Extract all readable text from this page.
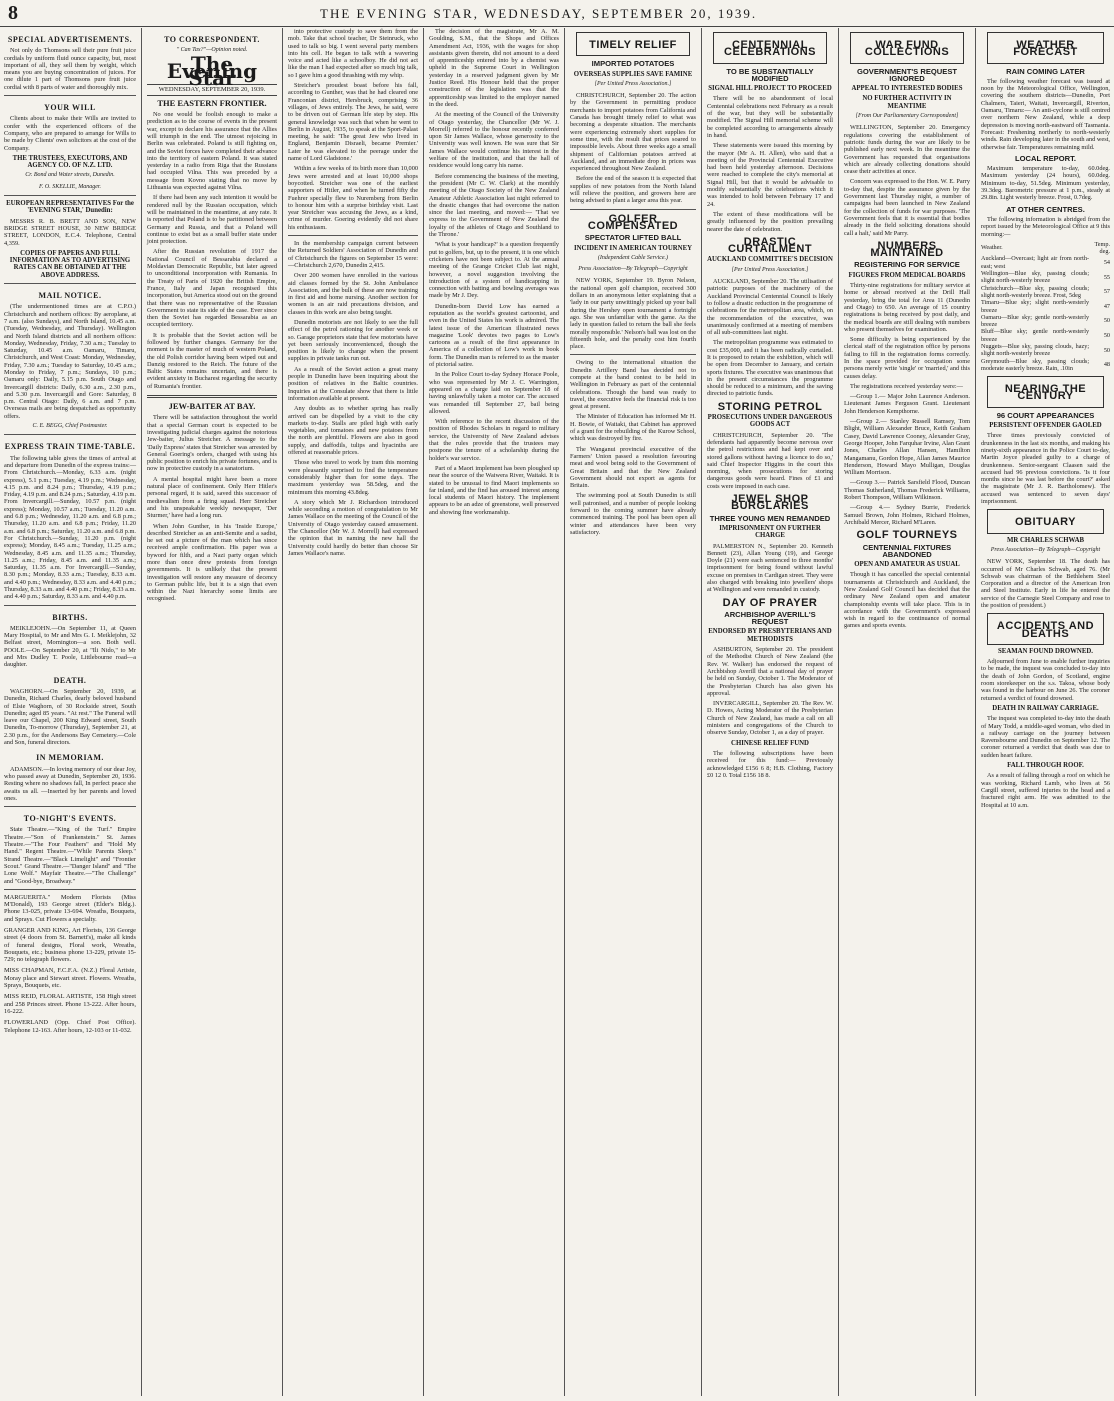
8	THE EVENING STAR, WEDNESDAY, SEPTEMBER 20, 1939.
SPECIAL ADVERTISEMENTS.

Not only do Thomsons sell their pure fruit juice cordials by uniform fluid ounce capacity, but, most important of all, they sell them by weight, which means you are buying concentration of juices. For one dilute 1 part of Thomsons pure fruit juice cordial with 8 parts of water and thoroughly mix.

YOUR WILL

Clients about to make their Wills are invited to confer with the experienced officers of the Company, who are prepared to arrange for Wills to be made by Clients' own solicitors at the cost of the Company.

THE TRUSTEES, EXECUTORS, AND AGENCY CO. OF N.Z. LTD.
Cr. Bond and Water streets, Dunedin.
F. O. SKELLIE, Manager.
EUROPEAN REPRESENTATIVES For the 'EVENING STAR,' Dunedin:

MESSRS R. B. BRETT AND SON, NEW BRIDGE STREET HOUSE, 30 NEW BRIDGE STREET, LONDON, E.C.4. Telephone, Central 4,359.

COPIES OF PAPERS AND FULL INFORMATION AS TO ADVERTISING RATES CAN BE OBTAINED AT THE ABOVE ADDRESS.
MAIL NOTICE.

(The undermentioned times are at C.P.O.) Christchurch and northern offices: By aeroplane, at 7 a.m. (also Sundays), and North Island, 10.45 a.m. (Tuesday, Wednesday, and Thursday). Wellington and North Island districts and all northern offices: Monday, Wednesday, Friday, 7.30 a.m.; Tuesday to Saturday, 10.45 a.m. Oamaru, Timaru, Christchurch, and West Coast: Monday, Wednesday, Friday, 7.30 a.m.; Tuesday to Saturday, 10.45 a.m.; Monday to Friday, 7 p.m.; Sundays, 10 p.m.; Oamaru only: Daily, 5.15 p.m. South Otago and Invercargill districts: Daily, 6.30 a.m., 2.30 p.m., and 5.30 p.m. Invercargill and Gore: Saturday, 8 p.m. Central Otago: Daily, 6 a.m. and 7 p.m. Overseas mails are being despatched as opportunity offers.

C. E. BEGG, Chief Postmaster.
EXPRESS TRAIN TIME-TABLE.

The following table gives the times of arrival at and departure from Dunedin of the express trains:— From Christchurch.—Monday, 6.33 a.m. (night express), 5.1 p.m.; Tuesday, 4.19 p.m.; Wednesday, 4.15 p.m. and 8.24 p.m.; Thursday, 4.19 p.m.; Friday, 4.19 p.m. and 8.24 p.m.; Saturday, 4.19 p.m. From Invercargill.—Sunday, 10.57 p.m. (night express); Monday, 10.57 a.m.; Tuesday, 11.20 a.m. and 6.8 p.m.; Wednesday, 11.20 a.m. and 6.8 p.m.; Thursday, 11.20 a.m. and 6.8 p.m.; Friday, 11.20 a.m. and 6.8 p.m.; Saturday, 11.20 a.m. and 6.8 p.m. For Christchurch.—Sunday, 11.20 p.m. (night express); Monday, 8.45 a.m.; Tuesday, 11.25 a.m.; Wednesday, 8.45 a.m. and 11.35 a.m.; Thursday, 11.25 a.m.; Friday, 8.45 a.m. and 11.35 a.m.; Saturday, 11.35 a.m. For Invercargill.—Sunday, 8.30 p.m.; Monday, 8.33 a.m.; Tuesday, 8.33 a.m. and 4.40 p.m.; Wednesday, 8.33 a.m. and 4.40 p.m.; Thursday, 8.33 a.m. and 4.40 p.m.; Friday, 8.33 a.m. and 4.40 p.m.; Saturday, 8.33 a.m. and 4.40 p.m.

BIRTHS.

MEIKLEJOHN.—On September 11, at Queen Mary Hospital, to Mr and Mrs G. I. Meiklejohn, 32 Belfast street, Mornington—a son. Both well. POOLE.—On September 20, at "Ili Nido," to Mr and Mrs Dudley T. Poole, Littlebourne road—a daughter.

DEATH.

WAGHORN.—On September 20, 1939, at Dunedin, Richard Charles, dearly beloved husband of Elsie Waghorn, of 30 Rockside street, South Dunedin; aged 85 years. "At rest." The Funeral will leave our Chapel, 200 King Edward street, South Dunedin, To-morrow (Thursday), September 21, at 2.30 p.m., for the Andersons Bay Cemetery.—Cole and Son, funeral directors.

IN MEMORIAM.

ADAMSON.—In loving memory of our dear Joy, who passed away at Dunedin, September 20, 1936. Resting where no shadows fall, In perfect peace she awaits us all. —Inserted by her parents and loved ones.

TO-NIGHT'S EVENTS.

State Theatre.—"King of the Turf." Empire Theatre.—"Son of Frankenstein." St. James Theatre.—"The Four Feathers" and "Hold My Hand." Regent Theatre.—"While Parents Sleep." Strand Theatre.—"Black Limelight" and "Frontier Scout." Grand Theatre.—"Danger Island" and "The Lone Wolf." Mayfair Theatre.—"The Challenge" and "Good-bye, Broadway."

MARGUERITA." Modern Florists (Miss M'Donald), 193 George street (Elder's Bldg.). Phone 13-025, private 13-694. Wreaths, Bouquets, and Sprays. Cut Flowers a specialty.
GRANGER AND KING, Art Florists, 136 George street (4 doors from St. Barnett's), make all kinds of funeral designs, Floral work, Wreaths, Bouquets, etc.; business phone 13-229, private 15-729; no telegraph flowers.
MISS CHAPMAN, F.C.F.A. (N.Z.) Floral Artiste, Moray place and Stewart street. Flowers. Wreaths, Sprays, Bouquets, etc.
MISS REID, FLORAL ARTISTE, 158 High street and 258 Princes street. Phone 13-222. After hours, 16-222.
FLOWERLAND (Opp. Chief Post Office). Telephone 12-163. After hours, 12-103 or 11-032.
TO CORRESPONDENT.
" Can Tax?"—Opinion noted.
The Evening Star
WEDNESDAY, SEPTEMBER 20, 1939.
THE EASTERN FRONTIER.

No one would be foolish enough to make a prediction as to the course of events in the present war, except to declare his assurance that the Allies will triumph in the end. The utmost rejoicing in Berlin was celebrated. Poland is still fighting on, and the Soviet forces have completed their advance into the territory of eastern Poland. It was stated yesterday in a radio from Riga that the Russians had occupied Vilna. This was preceded by a message from Kovno stating that no move by Lithuania was expected against Vilna.

If there had been any such intention it would be rendered null by the Russian occupation, which will be maintained in the meantime, at any rate. It is reported that Poland is to be partitioned between Germany and Russia, and that a Poland will continue to exist but as a small buffer state under joint protection.

After the Russian revolution of 1917 the National Council of Bessarabia declared a Moldavian Democratic Republic, but later agreed to unconditional incorporation with Rumania. In the Treaty of Paris of 1920 the British Empire, France, Italy and Japan recognised this incorporation, but America stood out on the ground that there was no representative of the Russian Government to state its side of the case. Ever since then the Soviet has regarded Bessarabia as an occupied territory.

It is probable that the Soviet action will be followed by further changes. Germany for the moment is the master of much of western Poland, the old Polish corridor having been wiped out and Danzig restored to the Reich. The future of the Baltic States remains uncertain, and there is evident anxiety in Bucharest regarding the security of Rumania's frontier.

JEW-BAITER AT BAY.

There will be satisfaction throughout the world that a special German court is expected to be investigating judicial charges against the notorious Jew-baiter, Julius Streicher. A message to the 'Daily Express' states that Streicher was arrested by General Goering's orders, charged with using his public position to enrich his private fortunes, and is now in protective custody in a sanatorium.

A mental hospital might have been a more natural place of confinement. Only Herr Hitler's personal regard, it is said, saved this successor of medievalism from a firing squad. Herr Streicher and his unspeakable weekly newspaper, 'Der Sturmer,' have had a long run.

When John Gunther, in his 'Inside Europe,' described Streicher as an anti-Semite and a sadist, he set out a picture of the man which has since received ample confirmation. His paper was a byword for filth, and a Nazi party organ which more than once drew protests from foreign governments. It is unlikely that the present investigation will restore any measure of decency to German public life, but it is a sign that even within the Nazi hierarchy some limits are recognised.

into protective custody to save them from the mob. Take that school teacher, Dr Steinruck, who used to talk so big. I went several party members into his cell. He began to talk with a wavering voice and acted like a schoolboy. He did not act like the man I had expected after so much big talk, so I gave him a good thrashing with my whip.

Streicher's proudest boast before his fall, according to Gunther, was that he had cleared one Franconian district, Hersbruck, comprising 36 villages, of Jews entirely. The Jews, he said, were to be driven out of German life step by step. His general knowledge was such that when he went to Berlin in August, 1935, to speak at the Sport-Palast meeting, he said: 'The great Jew who lived in England, Benjamin Disraeli, became Premier.' Later he was elevated to the peerage under the name of Lord Gladstone.'

Within a few weeks of its birth more than 10,000 Jews were arrested and at least 10,000 shops boycotted. Streicher was one of the earliest supporters of Hitler, and when he turned fifty the Fuehrer specially flew to Nuremberg from Berlin to honour him with a surprise birthday visit. Last year Streicher was accusing the Jews, as a kind, crime of murder. Goering evidently did not share his enthusiasm.

In the membership campaign current between the Returned Soldiers' Association of Dunedin and of Christchurch the figures on September 15 were:—Christchurch 2,670, Dunedin 2,415.

Over 200 women have enrolled in the various aid classes formed by the St. John Ambulance Association, and the bulk of these are now training in first aid and home nursing. Another section for women is an air raid precautions division, and classes in this work are also being taught.

Dunedin motorists are not likely to see the full effect of the petrol rationing for another week or so. Garage proprietors state that few motorists have yet been seriously inconvenienced, though the position is likely to change when the present supplies in private tanks run out.

As a result of the Soviet action a great many people in Dunedin have been inquiring about the position of relatives in the Baltic countries. Inquiries at the Consulate show that there is little information available at present.

Any doubts as to whether spring has really arrived can be dispelled by a visit to the city markets to-day. Stalls are piled high with early vegetables, and tomatoes and new potatoes from the north are plentiful. Flowers are also in good supply, and daffodils, tulips and hyacinths are offered at reasonable prices.

Those who travel to work by tram this morning were pleasantly surprised to find the temperature considerably higher than for some days. The maximum yesterday was 58.5deg, and the minimum this morning 43.8deg.

A story which Mr J. Richardson introduced while seconding a motion of congratulation to Mr James Wallace on the meeting of the Council of the University of Otago yesterday caused amusement. The Chancellor (Mr W. J. Morrell) had expressed the opinion that in naming the new hall the University could hardly do better than choose Sir James Wallace's name.

The decision of the magistrate, Mr A. M. Goulding, S.M., that the Shops and Offices Amendment Act, 1936, with the wages for shop assistants given therein, did not amount to a deed of apprenticeship entered into by a chemist was upheld in the Supreme Court in Wellington yesterday in a reserved judgment given by Mr Justice Reed. His Honour held that the proper construction of the legislation was that the apprenticeship was limited to the employer named in the deed.

At the meeting of the Council of the University of Otago yesterday, the Chancellor (Mr W. J. Morrell) referred to the honour recently conferred upon Sir James Wallace, whose generosity to the University was well known. He was sure that Sir James Wallace would continue his interest in the welfare of the institution, and that the hall of residence would long carry his name.

Before commencing the business of the meeting, the president (Mr C. W. Clark) at the monthly meeting of the Otago Society of the New Zealand Amateur Athletic Association last night referred to the drastic changes that had overcome the nation since the last meeting, and moved:— 'That we express to the Government of New Zealand the loyalty of the athletes of Otago and Southland to the Throne.'

'What is your handicap?' is a question frequently put to golfers, but, up to the present, it is one which cricketers have not been subject to. At the annual meeting of the Grange Cricket Club last night, however, a novel suggestion involving the introduction of a system of handicapping in connection with batting and bowling averages was made by Mr J. Dey.

Dunedin-born David Low has earned a reputation as the world's greatest cartoonist, and even in the United States his work is admired. The latest issue of the American illustrated news magazine 'Look' devotes two pages to Low's cartoons as a result of the first appearance in America of a collection of Low's work in book form. The Dunedin man is referred to as the master of pictorial satire.

In the Police Court to-day Sydney Horace Poole, who was represented by Mr J. C. Warrington, appeared on a charge laid on September 18 of having unlawfully taken a motor car. The accused was remanded till September 27, bail being allowed.

With reference to the recent discussion of the position of Rhodes Scholars in regard to military service, the University of New Zealand advises that the rules provide that the trustees may postpone the tenure of a scholarship during the holder's war service.

Part of a Maori implement has been ploughed up near the source of the Waiwera River, Waitaki. It is stated to be unusual to find Maori implements so far inland, and the find has aroused interest among local students of Maori history. The implement appears to be an adze of greenstone, well preserved and showing fine workmanship.

TIMELY RELIEF
IMPORTED POTATOES
OVERSEAS SUPPLIES SAVE FAMINE
[Per United Press Association.]

CHRISTCHURCH, September 20. The action by the Government in permitting produce merchants to import potatoes from California and Canada has brought timely relief to what was becoming a desperate situation. The merchants were experiencing extremely short supplies for some time, with the result that prices soared to impossible levels. About three weeks ago a small shipment of Californian potatoes arrived at Auckland, and an immediate drop in prices was experienced throughout New Zealand.

Before the end of the season it is expected that supplies of new potatoes from the North Island will relieve the position, and growers here are being advised to plant a larger area this year.

GOLFER COMPENSATED
SPECTATOR LIFTED BALL
INCIDENT IN AMERICAN TOURNEY
(Independent Cable Service.)
Press Association—By Telegraph—Copyright

NEW YORK, September 19. Byron Nelson, the national open golf champion, received 300 dollars in an anonymous letter explaining that a 'lady in our party unwittingly picked up your ball during the Hershey open tournament a fortnight ago. She was unfamiliar with the game. As the lady in question failed to return the ball she feels morally responsible.' Nelson's ball was lost on the fifteenth hole, and the penalty cost him fourth place.

Owing to the international situation the Dunedin Artillery Band has decided not to compete at the band contest to be held in Wellington in February as part of the centennial celebrations. Though the band was ready to travel, the executive feels the financial risk is too great at present.

The Minister of Education has informed Mr H. H. Bowie, of Waitaki, that Cabinet has approved of a grant for the rebuilding of the Kurow School, which was destroyed by fire.

The Wanganui provincial executive of the Farmers' Union passed a resolution favouring meat and wool being sold to the Government of Great Britain and that the New Zealand Government should not export as agents for Britain.

The swimming pool at South Dunedin is still well patronised, and a number of people looking forward to the coming summer have already commenced training. The pool has been open all winter and attendances have been very satisfactory.

CENTENNIAL CELEBRATIONS
TO BE SUBSTANTIALLY MODIFIED
SIGNAL HILL PROJECT TO PROCEED

There will be no abandonment of local Centennial celebrations next February as a result of the war, but they will be substantially modified. The Signal Hill memorial scheme will be completed according to arrangements already in hand.

These statements were issued this morning by the mayor (Mr A. H. Allen), who said that a meeting of the Provincial Centennial Executive had been held yesterday afternoon. Decisions were reached to complete the city's memorial at Signal Hill, but that it would be advisable to modify substantially the celebrations which it was intended to hold between February 17 and 24.

The extent of these modifications will be greatly influenced by the position prevailing nearer the date of celebration.

DRASTIC CURTAILMENT
AUCKLAND COMMITTEE'S DECISION
[Per United Press Association.]

AUCKLAND, September 20. The utilisation of patriotic purposes of the machinery of the Auckland Provincial Centennial Council is likely to follow a drastic reduction in the programme of celebrations for the metropolitan area, which, on the recommendation of the executive, was unanimously confirmed at a meeting of members of all sub-committees last night.

The metropolitan programme was estimated to cost £35,000, and it has been radically curtailed. It is proposed to retain the exhibition, which will be open from December to January, and certain sports fixtures. The executive was unanimous that in the present circumstances the programme should be reduced to a minimum, and the saving directed to patriotic funds.

STORING PETROL
PROSECUTIONS UNDER DANGEROUS GOODS ACT

CHRISTCHURCH, September 20. 'The defendants had apparently become nervous over the petrol restrictions and had kept over and stored gallons without having a licence to do so,' said Chief Inspector Higgins in the court this morning, when prosecutions for storing dangerous goods were heard. Fines of £1 and costs were imposed in each case.

JEWEL SHOP BURGLARIES
THREE YOUNG MEN REMANDED
IMPRISONMENT ON FURTHER CHARGE

PALMERSTON N., September 20. Kenneth Bennett (23), Allan Young (19), and George Doyle (21) were each sentenced to three months' imprisonment for being found without lawful excuse on premises in Cardigan street. They were also charged with breaking into jewellers' shops at Wellington and were remanded in custody.

DAY OF PRAYER
ARCHBISHOP AVERILL'S REQUEST
ENDORSED BY PRESBYTERIANS AND METHODISTS

ASHBURTON, September 20. The president of the Methodist Church of New Zealand (the Rev. W. Walker) has endorsed the request of Archbishop Averill that a national day of prayer be held on Sunday, October 1. The Moderator of the Presbyterian Church has also given his approval.

INVERCARGILL, September 20. The Rev. W. D. Howes, Acting Moderator of the Presbyterian Church of New Zealand, has made a call on all ministers and congregations of the Church to observe Sunday, October 1, as a day of prayer.

CHINESE RELIEF FUND

The following subscriptions have been received for this fund:— Previously acknowledged £156 6 8; H.B. Clothing, Factory £0 12 0. Total £156 18 8.

WAR FUND COLLECTIONS
GOVERNMENT'S REQUEST IGNORED
APPEAL TO INTERESTED BODIES
NO FURTHER ACTIVITY IN MEANTIME
[From Our Parliamentary Correspondent]

WELLINGTON, September 20. Emergency regulations covering the establishment of patriotic funds during the war are likely to be published early next week. In the meantime the Government has requested that organisations which are already collecting donations should cease their activities at once.

Concern was expressed to the Hon. W. E. Parry to-day that, despite the assurance given by the Government last Thursday night, a number of campaigns had been launched in New Zealand for the collection of funds for war purposes. 'The Government feels that it is essential that bodies already in the field soliciting donations should call a halt,' said Mr Parry.

NUMBERS MAINTAINED
REGISTERING FOR SERVICE
FIGURES FROM MEDICAL BOARDS

Thirty-nine registrations for military service at home or abroad received at the Drill Hall yesterday, bring the total for Area 11 (Dunedin and Otago) to 650. An average of 15 country registrations is being received by post daily, and the medical boards are still dealing with numbers who present themselves for examination.

Some difficulty is being experienced by the clerical staff of the registration office by persons failing to fill in the registration forms correctly. In the space provided for occupation some persons merely write 'single' or 'married,' and this causes delay.

The registrations received yesterday were:—

—Group 1.— Major John Laurence Anderson. Lieutenant James Ferguson Grant. Lieutenant John Henderson Kempthorne.

—Group 2.— Stanley Russell Ramsey, Tom Blight, William Alexander Bruce, Keith Graham Casey, David Lawrence Cooney, Alexander Gray, George Hooper, John Farquhar Irvine, Alan Grant Jones, Charles Allan Hansen, Hamilton Mangamanu, Gordon Hope, Allan James Maurice Henderson, Howard Mayo Mulligan, Douglas William Morrison.

—Group 3.— Patrick Sarsfield Flood, Duncan Thomas Sutherland, Thomas Frederick Williams, Robert Thompson, William Wilkinson.

—Group 4.— Sydney Burrie, Frederick Samuel Brown, John Holmes, Richard Holmes, Archibald Mercer, Richard M'Laren.

GOLF TOURNEYS
CENTENNIAL FIXTURES ABANDONED
OPEN AND AMATEUR AS USUAL

Though it has cancelled the special centennial tournaments at Christchurch and Auckland, the New Zealand Golf Council has decided that the ordinary New Zealand open and amateur championship events will take place. This is in accordance with the Government's expressed wish in regard to the continuance of normal games and sports events.

WEATHER FORECAST
RAIN COMING LATER

The following weather forecast was issued at noon by the Meteorological Office, Wellington, covering the southern districts—Dunedin, Port Chalmers, Taieri, Waitati, Invercargill, Riverton, Oamaru, Timaru:— An anti-cyclone is still centred over northern New Zealand, while a deep depression is moving north-eastward off Tasmania. Forecast: Freshening northerly to north-westerly winds. Rain developing later in the south and west, otherwise fair. Temperatures remaining mild.

LOCAL REPORT.

Maximum temperature to-day, 60.0deg. Maximum yesterday (24 hours), 60.0deg. Minimum to-day, 51.5deg. Minimum yesterday, 39.3deg. Barometric pressure at 1 p.m., steady at 29.8in. Light westerly breeze. Frost, 0.7deg.

AT OTHER CENTRES.

The following information is abridged from the report issued by the Meteorological Office at 9 this morning:—

Weather.	Temp. deg.
Auckland—Overcast; light air from north-east; west	54
Wellington—Blue sky, passing clouds; slight north-westerly breeze	55
Christchurch—Blue sky, passing clouds; slight north-westerly breeze. Frost, 5deg	57
Timaru—Blue sky; slight north-westerly breeze	47
Oamaru—Blue sky; gentle north-westerly breeze	50
Bluff—Blue sky; gentle north-westerly breeze	50
Nuggets—Blue sky, passing clouds, hazy; slight north-westerly breeze	50
Greymouth—Blue sky, passing clouds; moderate easterly breeze. Rain, .10in	48
NEARING THE CENTURY
96 COURT APPEARANCES
PERSISTENT OFFENDER GAOLED

Three times previously convicted of drunkenness in the last six months, and making his ninety-sixth appearance in the Police Court to-day, Martin Joyce pleaded guilty to a charge of drunkenness. Senior-sergeant Claasen said the accused had 96 previous convictions. 'Is it four months since he was last before the court?' asked the magistrate (Mr J. R. Bartholomew). The accused was sentenced to seven days' imprisonment.

OBITUARY
MR CHARLES SCHWAB
Press Association—By Telegraph—Copyright

NEW YORK, September 18. The death has occurred of Mr Charles Schwab, aged 76. (Mr Schwab was chairman of the Bethlehem Steel Corporation and a director of the American Iron and Steel Institute. Early in life he entered the service of the Carnegie Steel Company and rose to the position of president.)

ACCIDENTS AND DEATHS
SEAMAN FOUND DROWNED.

Adjourned from June to enable further inquiries to be made, the inquest was concluded to-day into the death of John Gordon, of Scotland, engine room storekeeper on the s.s. Takoa, whose body was found in the harbour on June 26. The coroner returned a verdict of found drowned.

DEATH IN RAILWAY CARRIAGE.

The inquest was completed to-day into the death of Mary Todd, a middle-aged woman, who died in a railway carriage on the journey between Ravensbourne and Dunedin on September 12. The coroner returned a verdict that death was due to sudden heart failure.

FALL THROUGH ROOF.

As a result of falling through a roof on which he was working, Richard Lamb, who lives at 56 Cargill street, suffered injuries to the head and a fractured right arm. He was admitted to the Hospital at 10 a.m.
